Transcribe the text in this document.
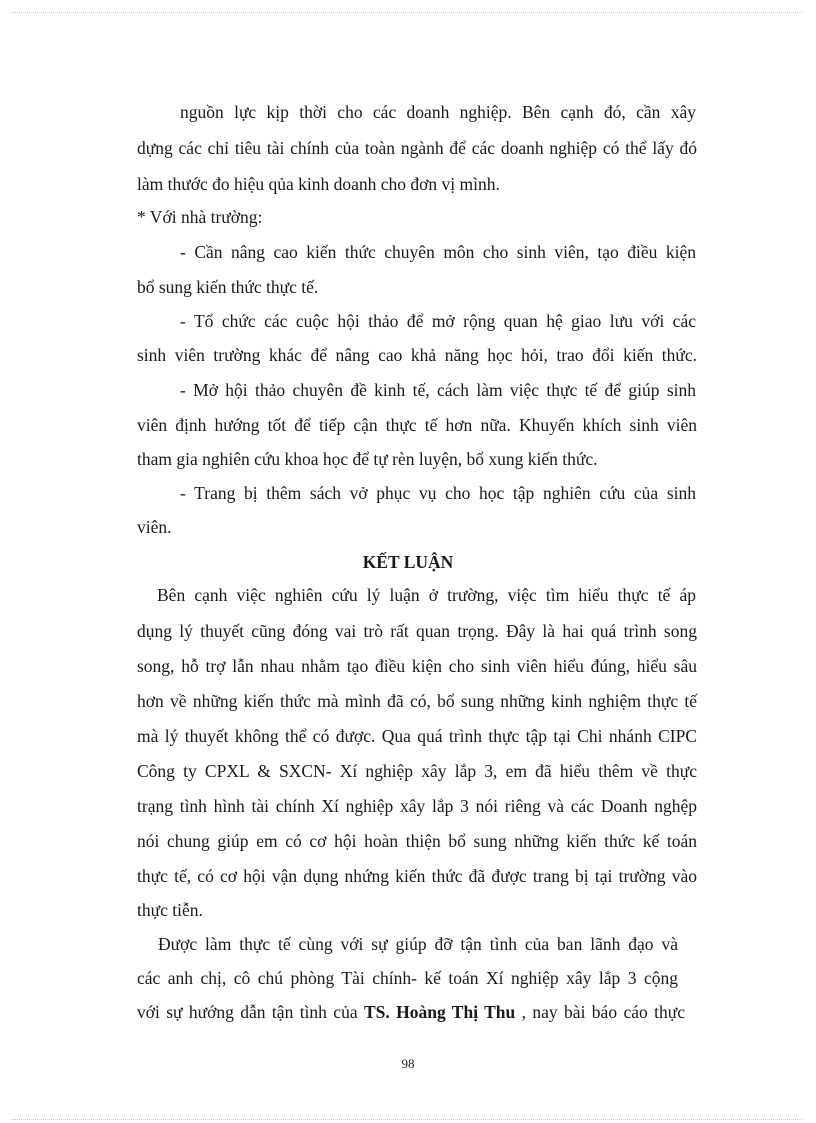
nguồn lực kịp thời cho các doanh nghiệp. Bên cạnh đó, cần xây
dựng các chỉ tiêu tài chính của toàn ngành để các doanh nghiệp có thể lấy đó
làm thước đo hiệu qủa kinh doanh cho đơn vị mình.
* Với nhà trường:
- Cần nâng cao kiến thức chuyên môn cho sinh viên, tạo điều kiện
bổ sung kiến thức thực tế.
- Tổ chức các cuộc hội thảo để mở rộng quan hệ giao lưu với các
sinh viên trường khác để nâng cao khả năng học hỏi, trao đổi kiến thức.
- Mở hội thảo chuyên đề kinh tế, cách làm việc thực tế để giúp sinh
viên định hướng tốt để tiếp cận thực tế hơn nữa. Khuyến khích sinh viên
tham gia nghiên cứu khoa học để tự rèn luyện, bổ xung kiến thức.
- Trang bị thêm sách vở phục vụ cho học tập nghiên cứu của sinh
viên.
KẾT LUẬN
Bên cạnh việc nghiên cứu lý luận ở trường, việc tìm hiểu thực tế áp
dụng lý thuyết cũng đóng vai trò rất quan trọng. Đây là hai quá trình song
song, hỗ trợ lẫn nhau nhằm tạo điều kiện cho sinh viên hiểu đúng, hiểu sâu
hơn về những kiến thức mà mình đã có, bổ sung những kinh nghiệm thực tế
mà lý thuyết không thể có được. Qua quá trình thực tập tại Chi nhánh CIPC
Công ty CPXL & SXCN- Xí nghiệp xây lắp 3, em đã hiểu thêm về thực
trạng tình hình tài chính Xí nghiệp xây lắp 3 nói riêng và các Doanh nghệp
nói chung giúp em có cơ hội hoàn thiện bổ sung những kiến thức kế toán
thực tế, có cơ hội vận dụng nhứng kiến thức đã được trang bị tại trường vào
thực tiễn.
Được làm thực tế cùng với sự giúp đỡ tận tình của ban lãnh đạo và
các anh chị, cô chú phòng Tài chính- kế toán Xí nghiệp xây lắp 3 cộng
với sự hướng dẫn tận tình của TS. Hoàng Thị Thu , nay bài báo cáo thực
98
